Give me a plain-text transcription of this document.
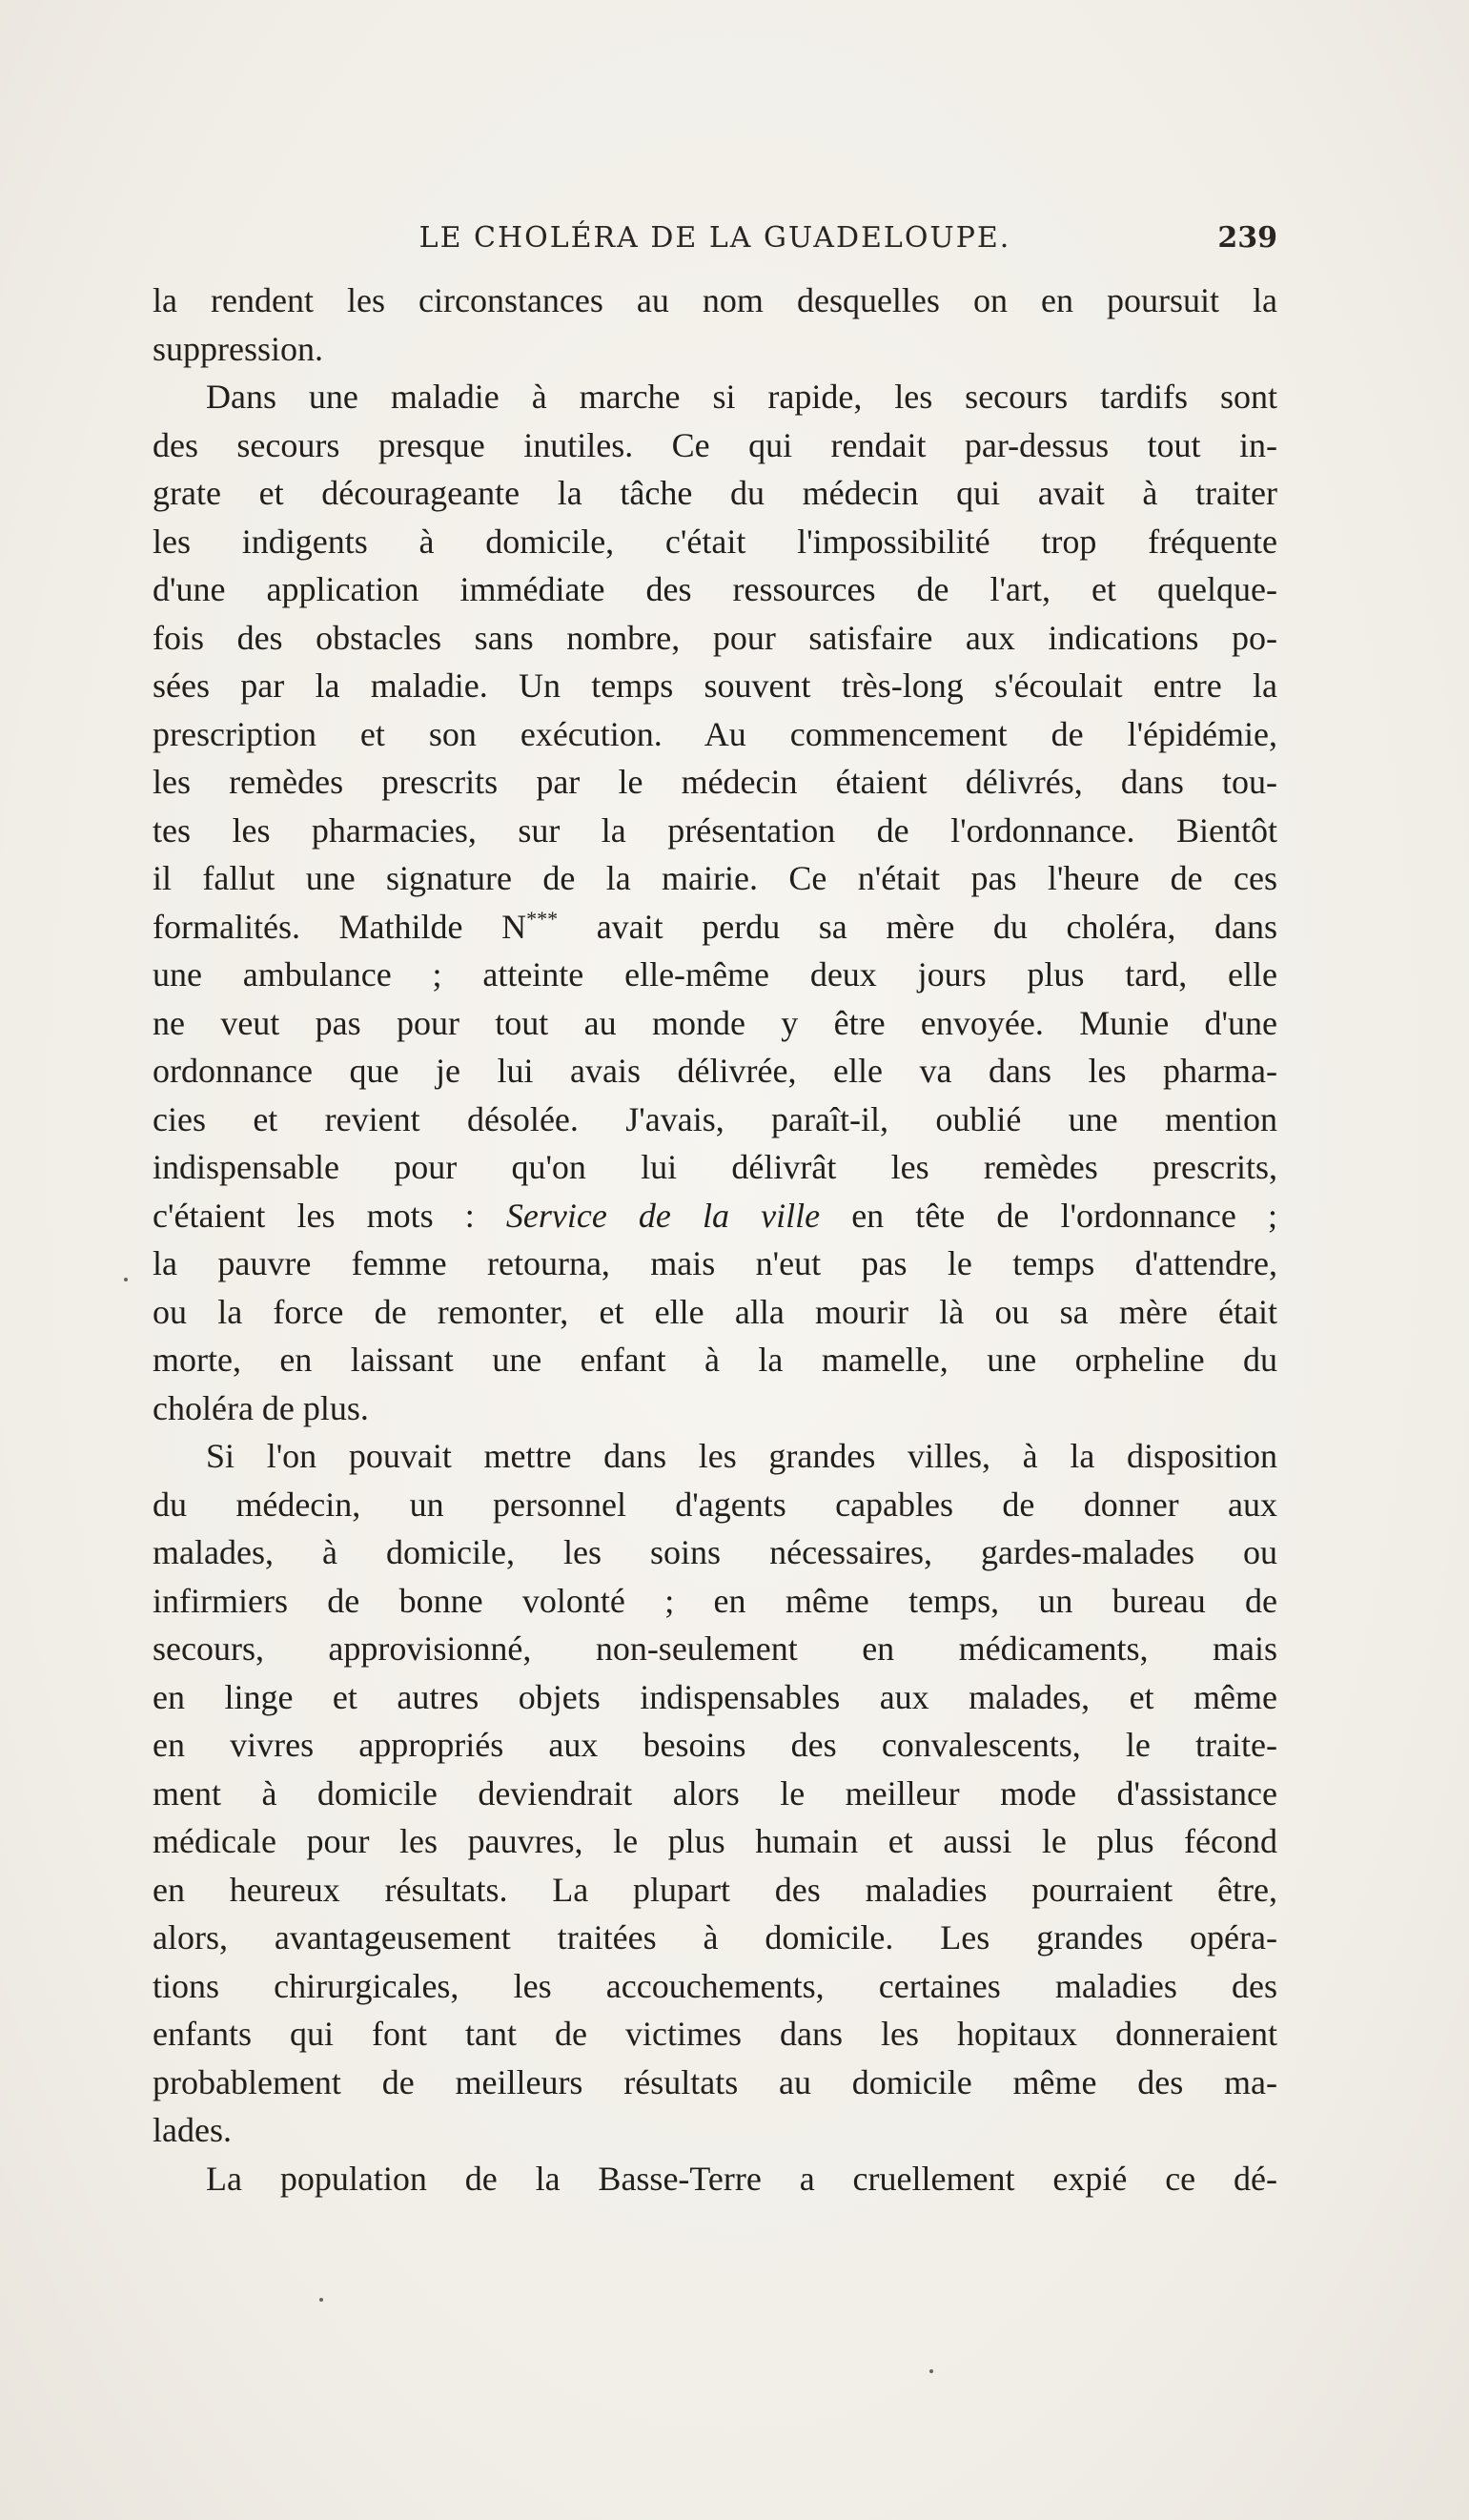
LE CHOLÉRA DE LA GUADELOUPE.	239

la rendent les circonstances au nom desquelles on en poursuit la
suppression.

Dans une maladie à marche si rapide, les secours tardifs sont
des secours presque inutiles. Ce qui rendait par-dessus tout in-
grate et décourageante la tâche du médecin qui avait à traiter
les indigents à domicile, c'était l'impossibilité trop fréquente
d'une application immédiate des ressources de l'art, et quelque-
fois des obstacles sans nombre, pour satisfaire aux indications po-
sées par la maladie. Un temps souvent très-long s'écoulait entre la
prescription et son exécution. Au commencement de l'épidémie,
les remèdes prescrits par le médecin étaient délivrés, dans tou-
tes les pharmacies, sur la présentation de l'ordonnance. Bientôt
il fallut une signature de la mairie. Ce n'était pas l'heure de ces
formalités. Mathilde N*** avait perdu sa mère du choléra, dans
une ambulance ; atteinte elle-même deux jours plus tard, elle
ne veut pas pour tout au monde y être envoyée. Munie d'une
ordonnance que je lui avais délivrée, elle va dans les pharma-
cies et revient désolée. J'avais, paraît-il, oublié une mention
indispensable pour qu'on lui délivrât les remèdes prescrits,
c'étaient les mots : Service de la ville en tête de l'ordonnance ;
la pauvre femme retourna, mais n'eut pas le temps d'attendre,
ou la force de remonter, et elle alla mourir là ou sa mère était
morte, en laissant une enfant à la mamelle, une orpheline du
choléra de plus.

Si l'on pouvait mettre dans les grandes villes, à la disposition
du médecin, un personnel d'agents capables de donner aux
malades, à domicile, les soins nécessaires, gardes-malades ou
infirmiers de bonne volonté ; en même temps, un bureau de
secours, approvisionné, non-seulement en médicaments, mais
en linge et autres objets indispensables aux malades, et même
en vivres appropriés aux besoins des convalescents, le traite-
ment à domicile deviendrait alors le meilleur mode d'assistance
médicale pour les pauvres, le plus humain et aussi le plus fécond
en heureux résultats. La plupart des maladies pourraient être,
alors, avantageusement traitées à domicile. Les grandes opéra-
tions chirurgicales, les accouchements, certaines maladies des
enfants qui font tant de victimes dans les hopitaux donneraient
probablement de meilleurs résultats au domicile même des ma-
lades.

La population de la Basse-Terre a cruellement expié ce dé-
